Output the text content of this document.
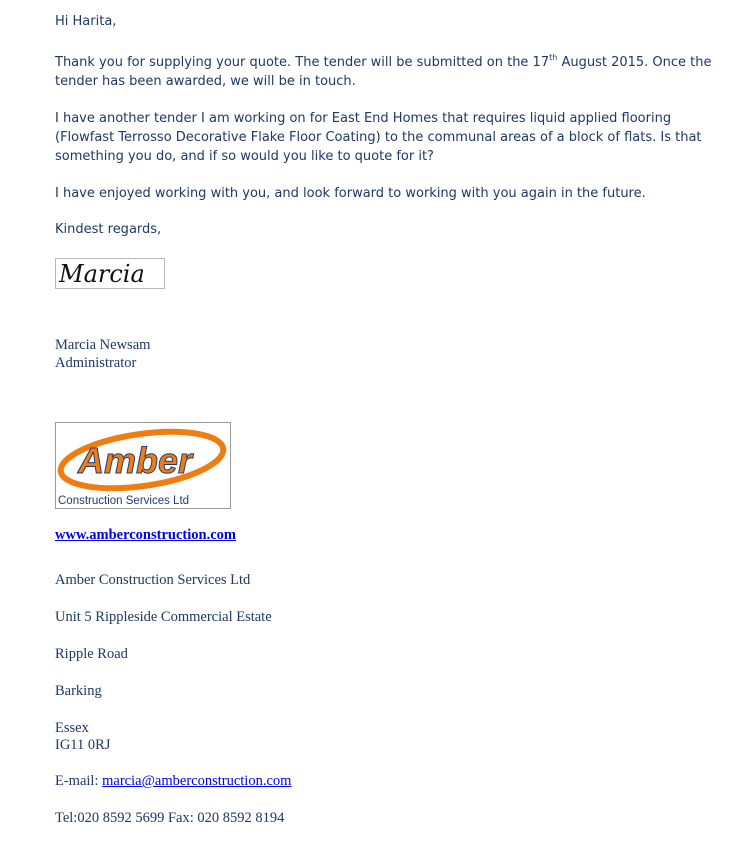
Hi Harita,
Thank you for supplying your quote. The tender will be submitted on the 17th August 2015. Once the tender has been awarded, we will be in touch.
I have another tender I am working on for East End Homes that requires liquid applied flooring (Flowfast Terrosso Decorative Flake Floor Coating) to the communal areas of a block of flats. Is that something you do, and if so would you like to quote for it?
I have enjoyed working with you, and look forward to working with you again in the future.
Kindest regards,
Marcia
Marcia Newsam
Administrator
Amber
Construction Services Ltd
www.amberconstruction.com
Amber Construction Services Ltd
Unit 5 Rippleside Commercial Estate
Ripple Road
Barking
Essex
IG11 0RJ
E-mail: marcia@amberconstruction.com
Tel:020 8592 5699 Fax: 020 8592 8194
